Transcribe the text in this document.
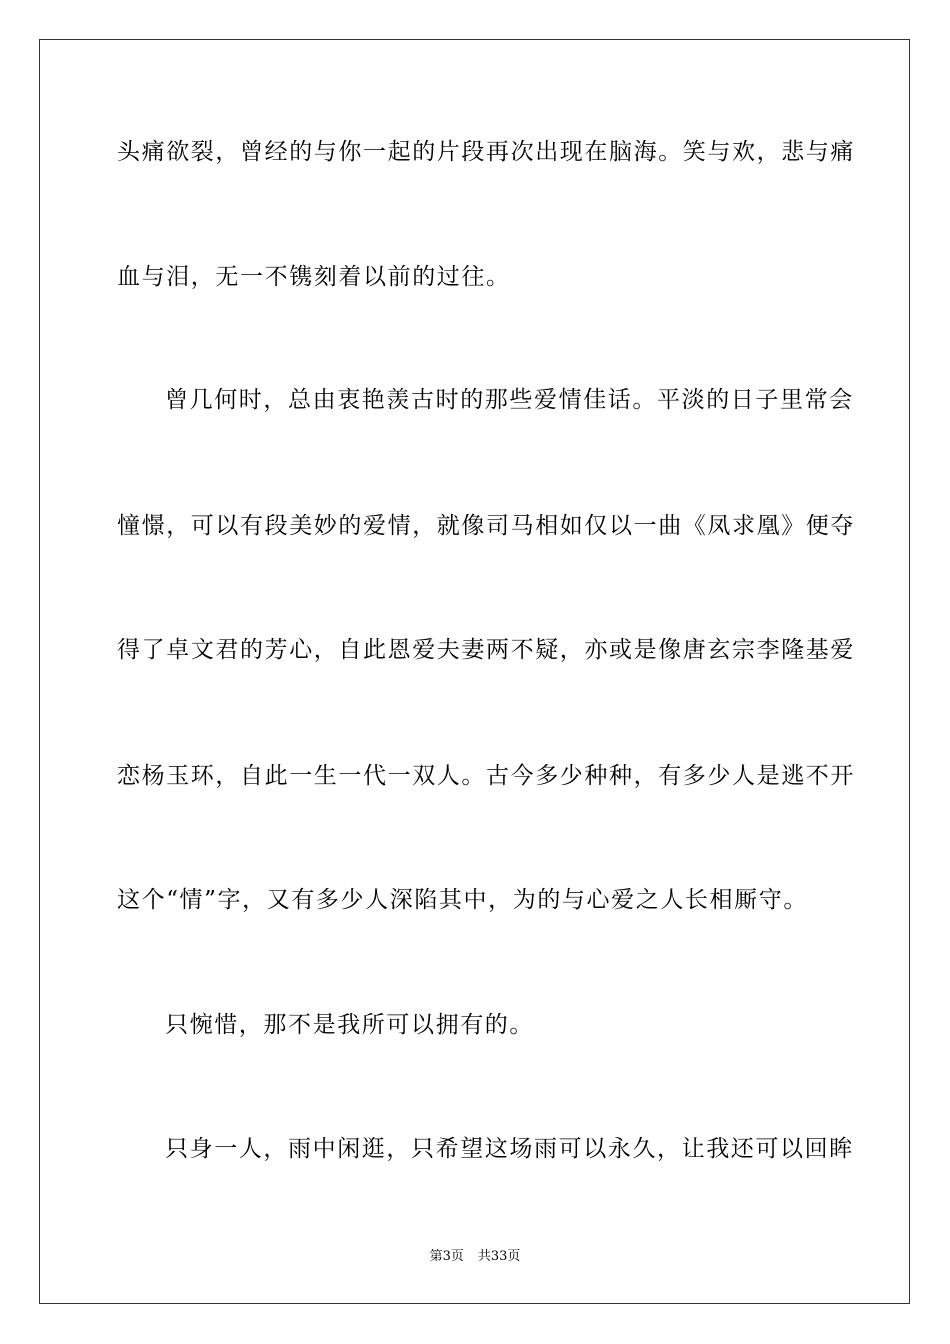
头痛欲裂，曾经的与你一起的片段再次出现在脑海。笑与欢，悲与痛
血与泪，无一不镌刻着以前的过往。
曾几何时，总由衷艳羡古时的那些爱情佳话。平淡的日子里常会
憧憬，可以有段美妙的爱情，就像司马相如仅以一曲《凤求凰》便夺
得了卓文君的芳心，自此恩爱夫妻两不疑，亦或是像唐玄宗李隆基爱
恋杨玉环，自此一生一代一双人。古今多少种种，有多少人是逃不开
这个“情”字，又有多少人深陷其中，为的与心爱之人长相厮守。
只惋惜，那不是我所可以拥有的。
只身一人，雨中闲逛，只希望这场雨可以永久，让我还可以回眸
第3页 共33页
